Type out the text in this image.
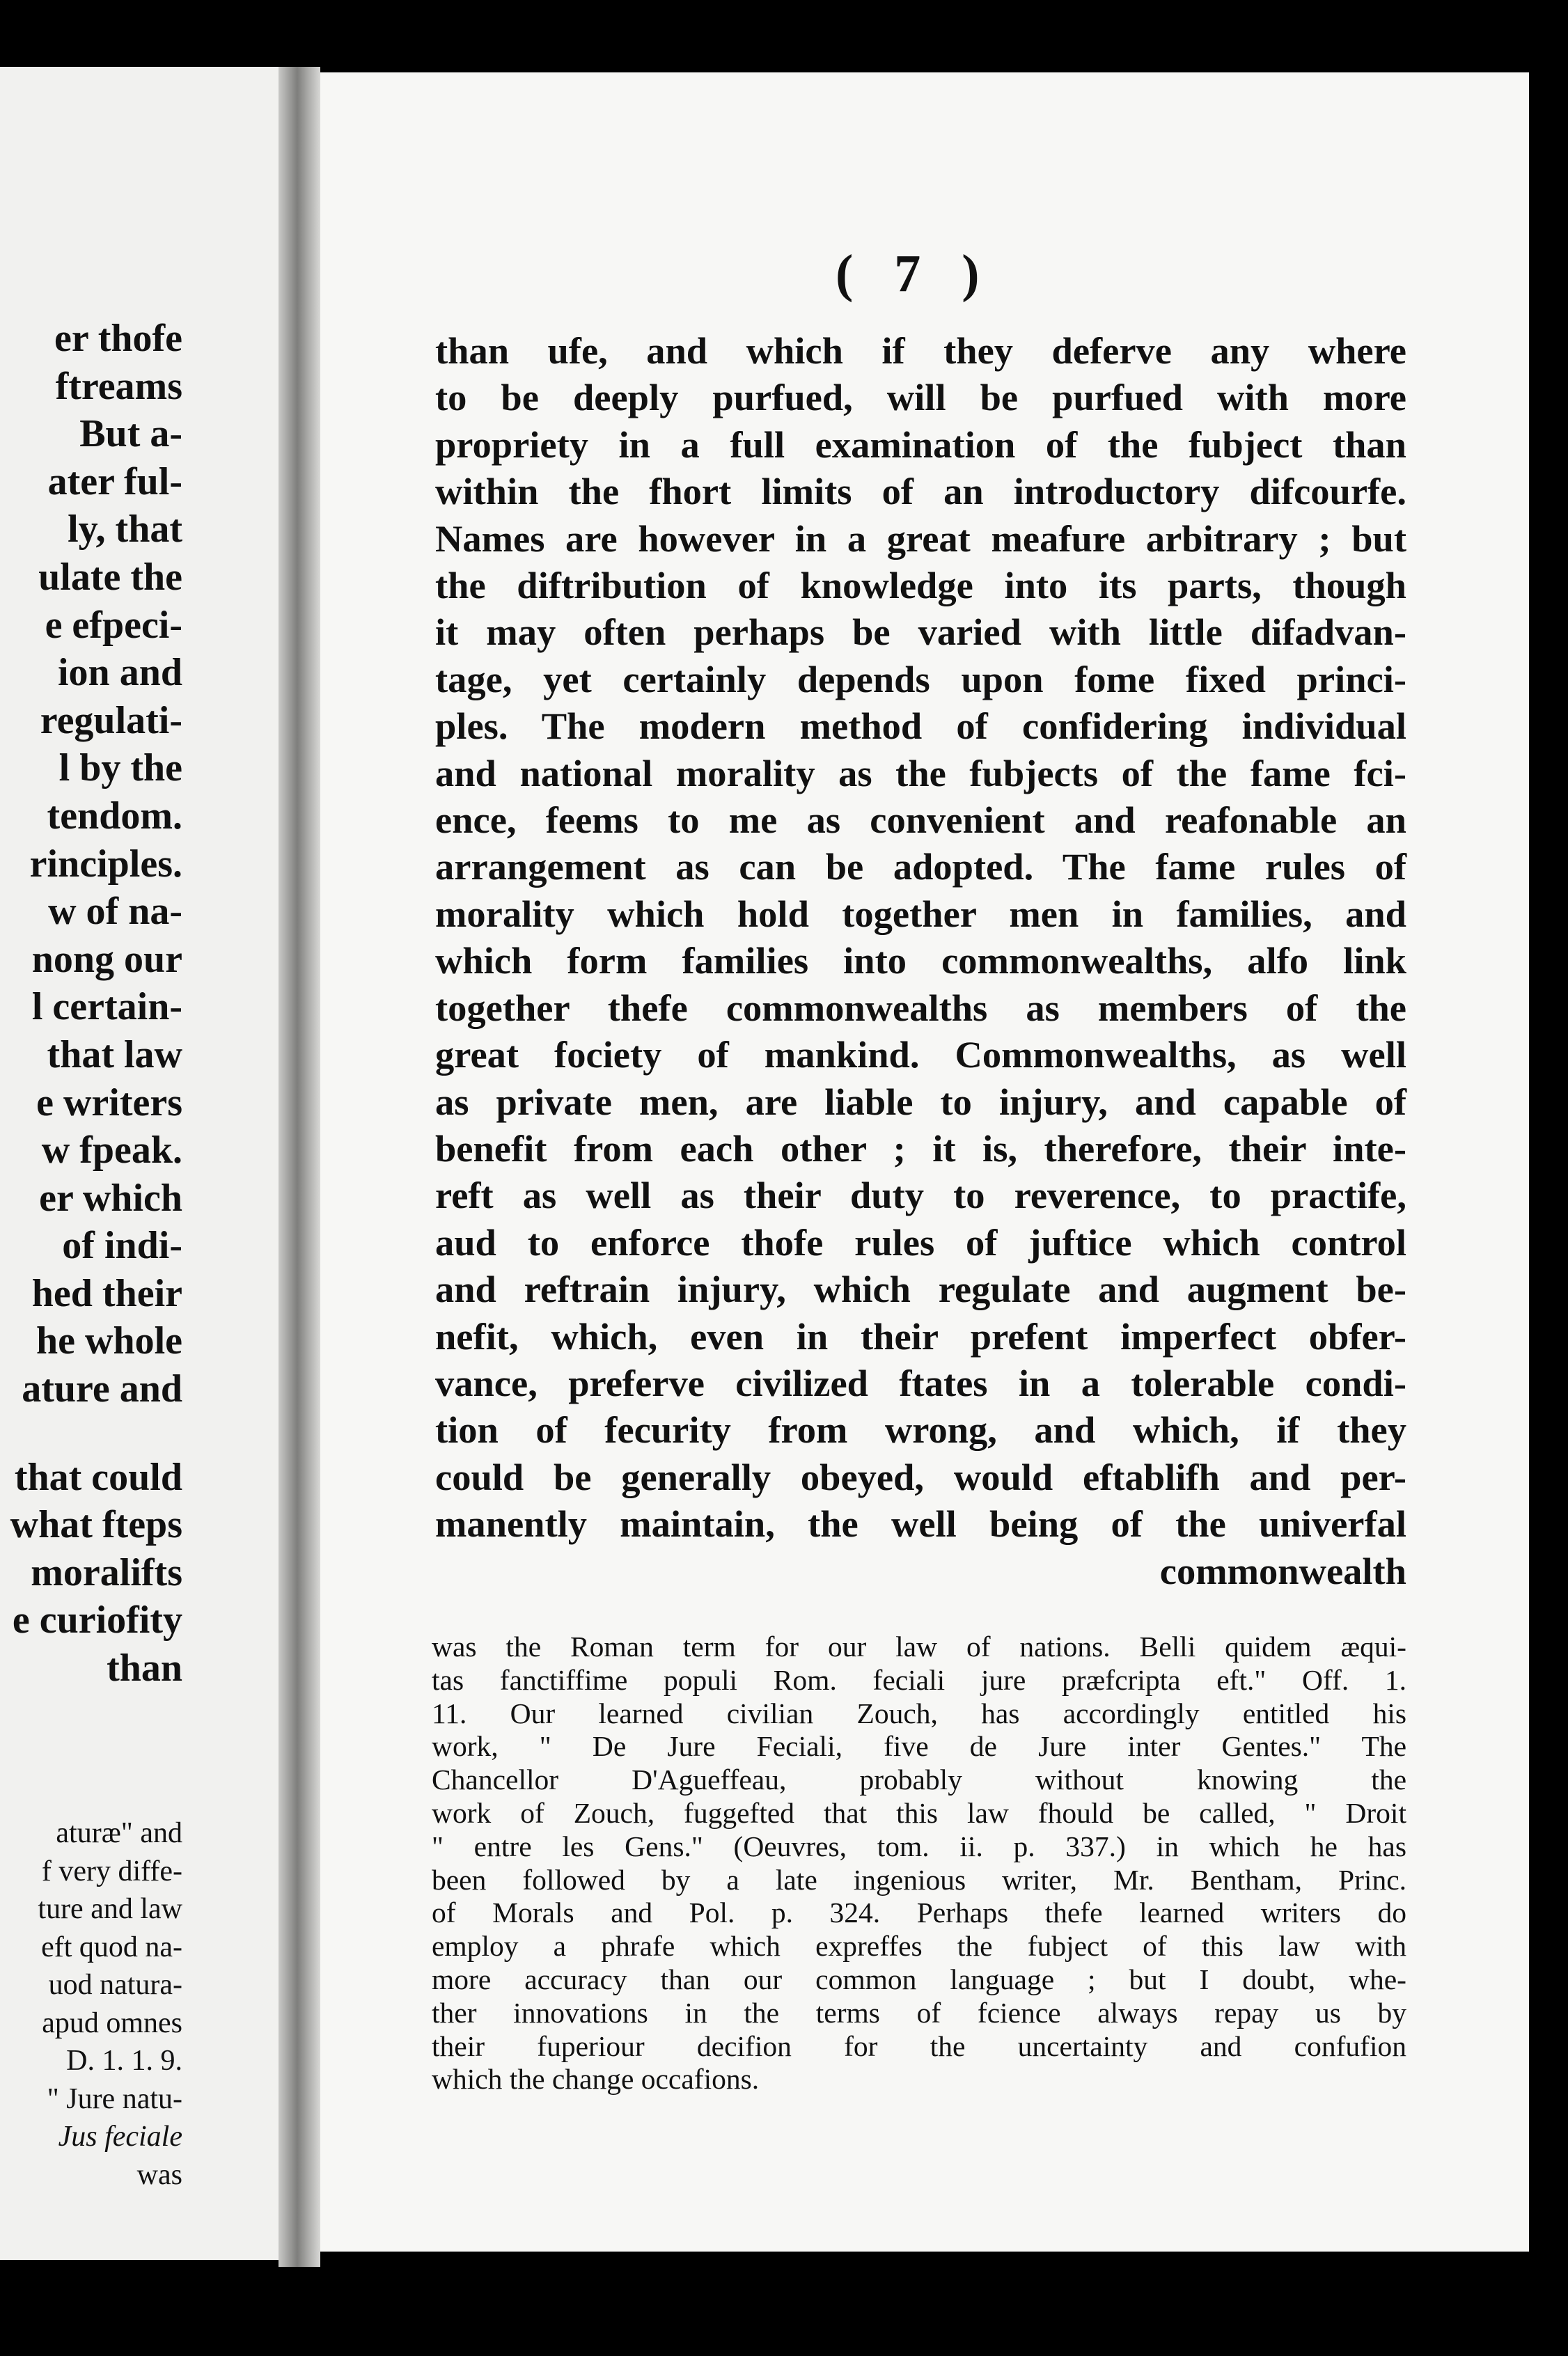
er thofe
ftreams
But a-
ater ful-
ly, that
ulate the
e efpeci-
ion and
regulati-
l by the
tendom.
rinciples.
w of na-
nong our
l certain-
that law
e writers
w fpeak.
er which
of indi-
hed their
he whole
ature and
that could
what fteps
moralifts
e curiofity
than
aturæ" and
f very diffe-
ture and law
eft quod na-
uod natura-
apud omnes
D. 1. 1. 9.
" Jure natu-
Jus feciale
was
( 7 )
than ufe, and which if they deferve any where
to be deeply purfued, will be purfued with more
propriety in a full examination of the fubject than
within the fhort limits of an introductory difcourfe.
Names are however in a great meafure arbitrary ; but
the diftribution of knowledge into its parts, though
it may often perhaps be varied with little difadvan-
tage, yet certainly depends upon fome fixed princi-
ples. The modern method of confidering individual
and national morality as the fubjects of the fame fci-
ence, feems to me as convenient and reafonable an
arrangement as can be adopted. The fame rules of
morality which hold together men in families, and
which form families into commonwealths, alfo link
together thefe commonwealths as members of the
great fociety of mankind. Commonwealths, as well
as private men, are liable to injury, and capable of
benefit from each other ; it is, therefore, their inte-
reft as well as their duty to reverence, to practife,
aud to enforce thofe rules of juftice which control
and reftrain injury, which regulate and augment be-
nefit, which, even in their prefent imperfect obfer-
vance, preferve civilized ftates in a tolerable condi-
tion of fecurity from wrong, and which, if they
could be generally obeyed, would eftablifh and per-
manently maintain, the well being of the univerfal
commonwealth
was the Roman term for our law of nations. Belli quidem æqui-
tas fanctiffime populi Rom. feciali jure præfcripta eft." Off. 1.
11. Our learned civilian Zouch, has accordingly entitled his
work, " De Jure Feciali, five de Jure inter Gentes." The
Chancellor D'Agueffeau, probably without knowing the
work of Zouch, fuggefted that this law fhould be called, " Droit
" entre les Gens." (Oeuvres, tom. ii. p. 337.) in which he has
been followed by a late ingenious writer, Mr. Bentham, Princ.
of Morals and Pol. p. 324. Perhaps thefe learned writers do
employ a phrafe which expreffes the fubject of this law with
more accuracy than our common language ; but I doubt, whe-
ther innovations in the terms of fcience always repay us by
their fuperiour decifion for the uncertainty and confufion
which the change occafions.
